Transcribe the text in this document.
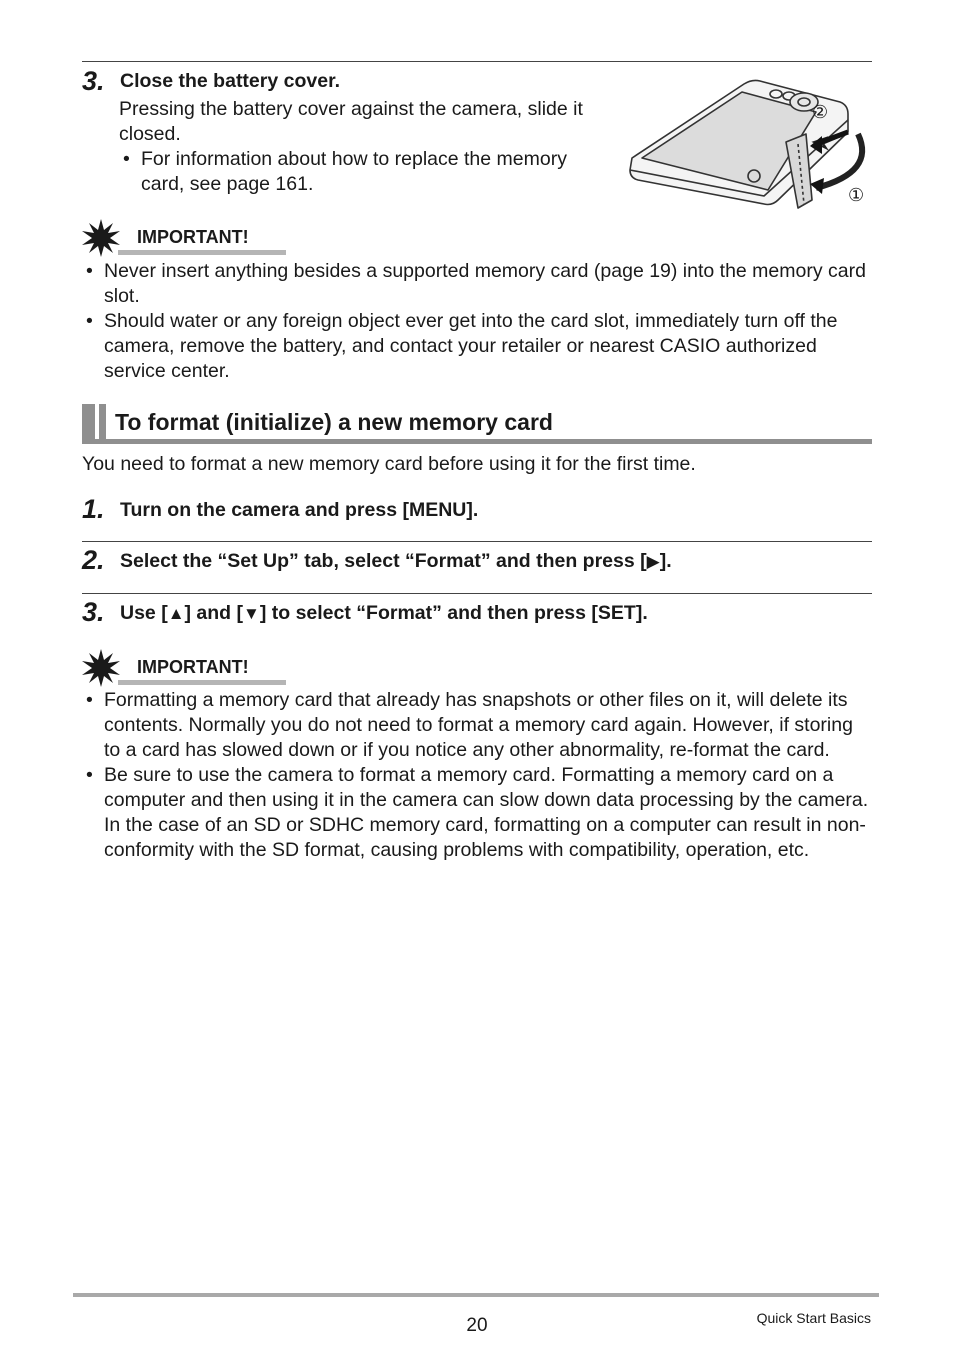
3. Close the battery cover.
Pressing the battery cover against the camera, slide it closed.
• For information about how to replace the memory card, see page 161.
②
①
IMPORTANT!
• Never insert anything besides a supported memory card (page 19) into the memory card slot.
• Should water or any foreign object ever get into the card slot, immediately turn off the camera, remove the battery, and contact your retailer or nearest CASIO authorized service center.
To format (initialize) a new memory card
You need to format a new memory card before using it for the first time.
1. Turn on the camera and press [MENU].
2. Select the “Set Up” tab, select “Format” and then press [▶].
3. Use [▲] and [▼] to select “Format” and then press [SET].
IMPORTANT!
• Formatting a memory card that already has snapshots or other files on it, will delete its contents. Normally you do not need to format a memory card again. However, if storing to a card has slowed down or if you notice any other abnormality, re-format the card.
• Be sure to use the camera to format a memory card. Formatting a memory card on a computer and then using it in the camera can slow down data processing by the camera. In the case of an SD or SDHC memory card, formatting on a computer can result in non-conformity with the SD format, causing problems with compatibility, operation, etc.
20	Quick Start Basics
